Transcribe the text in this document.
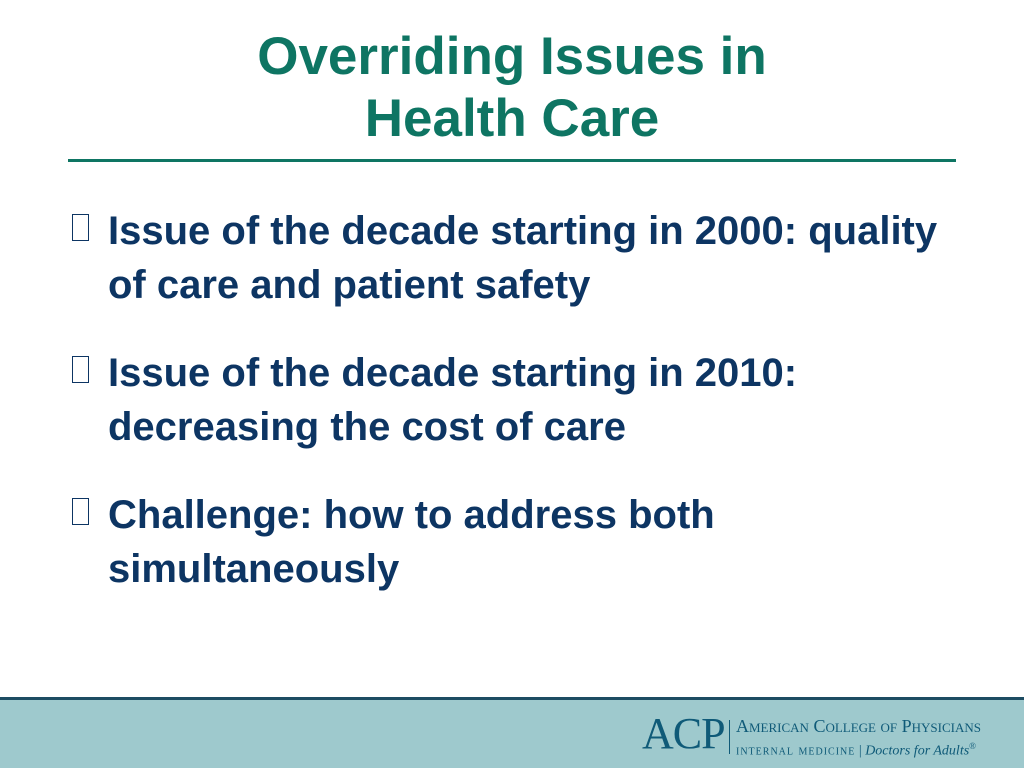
Overriding Issues in
Health Care
Issue of the decade starting in 2000: quality of care and patient safety
Issue of the decade starting in 2010: decreasing the cost of care
Challenge: how to address both simultaneously
ACP American College of Physicians
internal medicine | Doctors for Adults®
